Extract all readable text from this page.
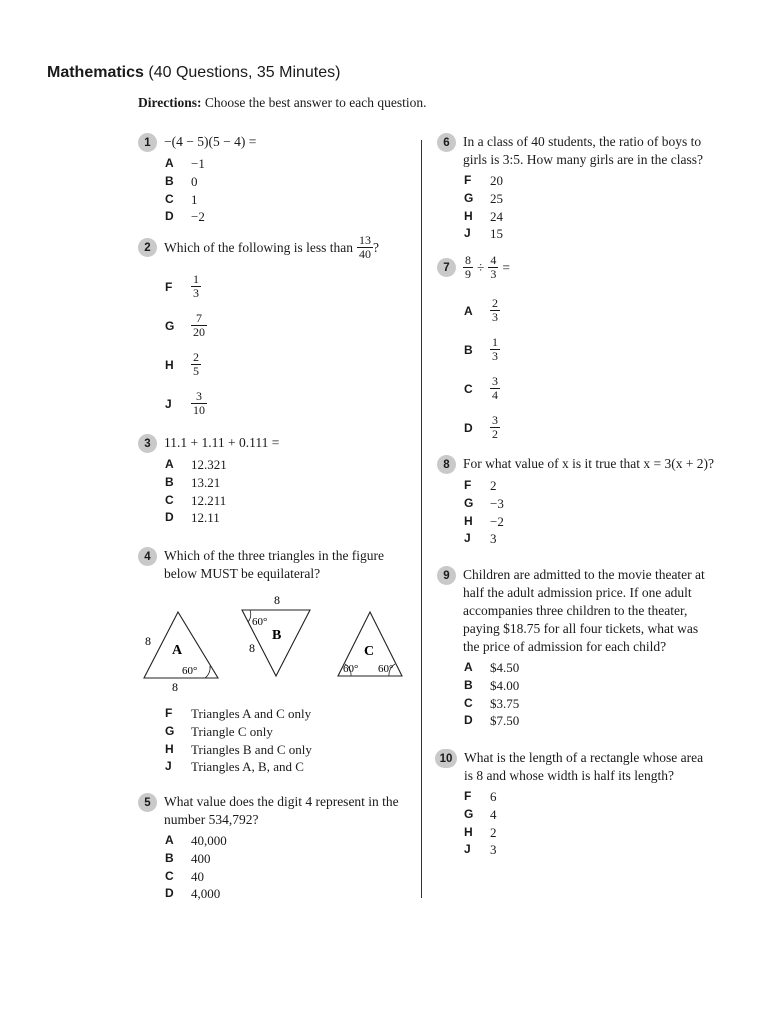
Mathematics (40 Questions, 35 Minutes)
Directions: Choose the best answer to each question.
1 −(4 − 5)(5 − 4) =
A	−1
B	0
C	1
D	−2
2 Which of the following is less than $\frac{13}{40}$ ?
F	$\frac{1}{3}$
G	$\frac{7}{20}$
H	$\frac{2}{5}$
J	$\frac{3}{10}$
3 11.1 + 1.11 + 0.111 =
A	12.321
B	13.21
C	12.211
D	12.11
4 Which of the three triangles in the figure
below MUST be equilateral?
A
8
8
60°
8
B
8
60°
C
60° 60°
F	Triangles A and C only
G	Triangle C only
H	Triangles B and C only
J	Triangles A, B, and C
5 What value does the digit 4 represent in the
number 534,792?
A	40,000
B	400
C	40
D	4,000
6 In a class of 40 students, the ratio of boys to
girls is 3:5. How many girls are in the class?
F	20
G	25
H	24
J	15
7	$\frac{8}{9} \div \frac{4}{3}$ =
A	$\frac{2}{3}$
B	$\frac{1}{3}$
C	$\frac{3}{4}$
D	$\frac{3}{2}$
8 For what value of x is it true that x = 3(x + 2)?
F	2
G	−3
H	−2
J	3
9 Children are admitted to the movie theater at
half the adult admission price. If one adult
accompanies three children to the theater,
paying $18.75 for all four tickets, what was
the price of admission for each child?
A	$4.50
B	$4.00
C	$3.75
D	$7.50
10 What is the length of a rectangle whose area
is 8 and whose width is half its length?
F	6
G	4
H	2
J	3
